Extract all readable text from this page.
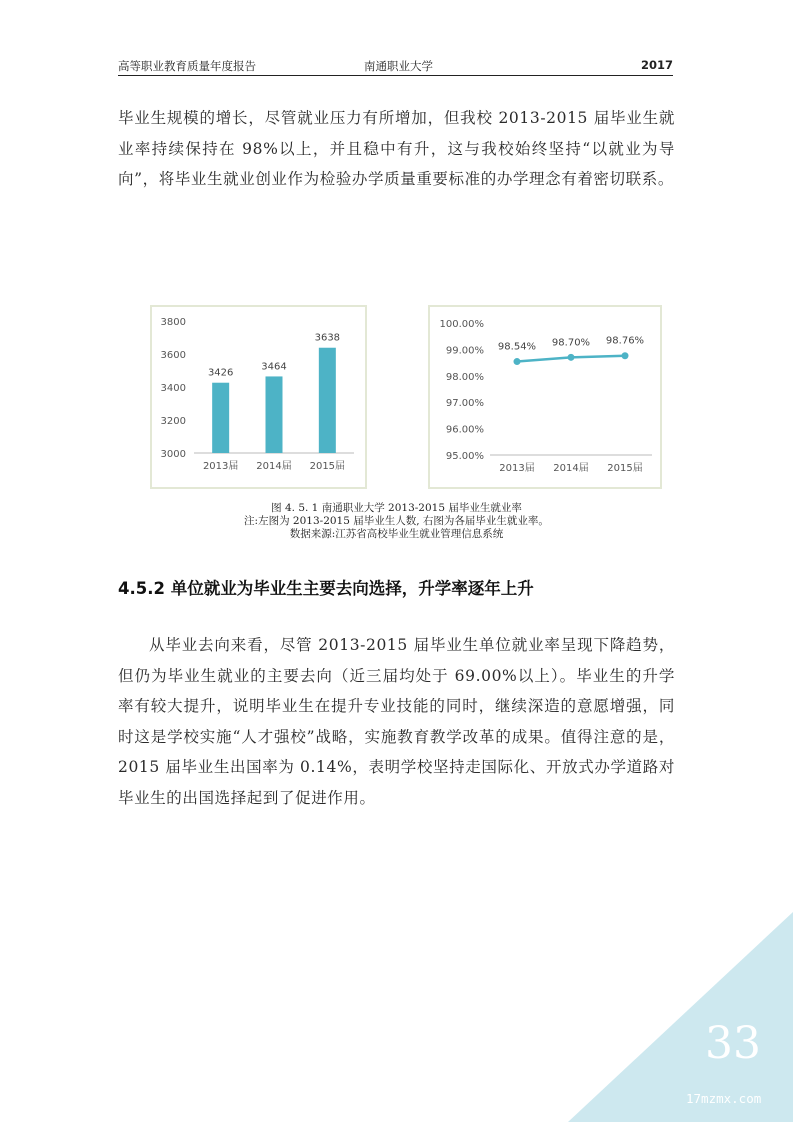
高等职业教育质量年度报告	南通职业大学	2017

毕业生规模的增长，尽管就业压力有所增加，但我校 2013-2015 届毕业生就业率持续保持在 98%以上，并且稳中有升，这与我校始终坚持“以就业为导向”，将毕业生就业创业作为检验办学质量重要标准的办学理念有着密切联系。

3000
3200
3400
3600
3800
3426
2013届
3464
2014届
3638
2015届
95.00%
96.00%
97.00%
98.00%
99.00%
100.00%
98.54%
2013届
98.70%
2014届
98.76%
2015届
图 4. 5. 1 南通职业大学 2013-2015 届毕业生就业率
注:左图为 2013-2015 届毕业生人数, 右图为各届毕业生就业率。
数据来源:江苏省高校毕业生就业管理信息系统
4.5.2 单位就业为毕业生主要去向选择，升学率逐年上升

从毕业去向来看，尽管 2013-2015 届毕业生单位就业率呈现下降趋势，但仍为毕业生就业的主要去向（近三届均处于 69.00%以上）。毕业生的升学率有较大提升，说明毕业生在提升专业技能的同时，继续深造的意愿增强，同时这是学校实施“人才强校”战略，实施教育教学改革的成果。值得注意的是，2015 届毕业生出国率为 0.14%，表明学校坚持走国际化、开放式办学道路对毕业生的出国选择起到了促进作用。

33
17mzmx.com
